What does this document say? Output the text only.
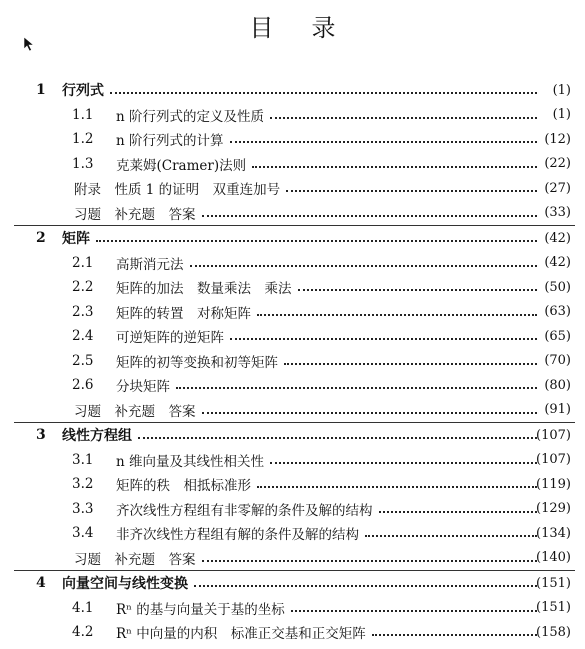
目录
1	行列式	(1)
1.1	n 阶行列式的定义及性质	(1)
1.2	n 阶行列式的计算	(12)
1.3	克莱姆(Cramer)法则	(22)
附录　性质 1 的证明　双重连加号	(27)
习题　补充题　答案	(33)
2	矩阵	(42)
2.1	高斯消元法	(42)
2.2	矩阵的加法　数量乘法　乘法	(50)
2.3	矩阵的转置　对称矩阵	(63)
2.4	可逆矩阵的逆矩阵	(65)
2.5	矩阵的初等变换和初等矩阵	(70)
2.6	分块矩阵	(80)
习题　补充题　答案	(91)
3	线性方程组	(107)
3.1	n 维向量及其线性相关性	(107)
3.2	矩阵的秩　相抵标准形	(119)
3.3	齐次线性方程组有非零解的条件及解的结构	(129)
3.4	非齐次线性方程组有解的条件及解的结构	(134)
习题　补充题　答案	(140)
4	向量空间与线性变换	(151)
4.1	Rⁿ 的基与向量关于基的坐标	(151)
4.2	Rⁿ 中向量的内积　标准正交基和正交矩阵	(158)
